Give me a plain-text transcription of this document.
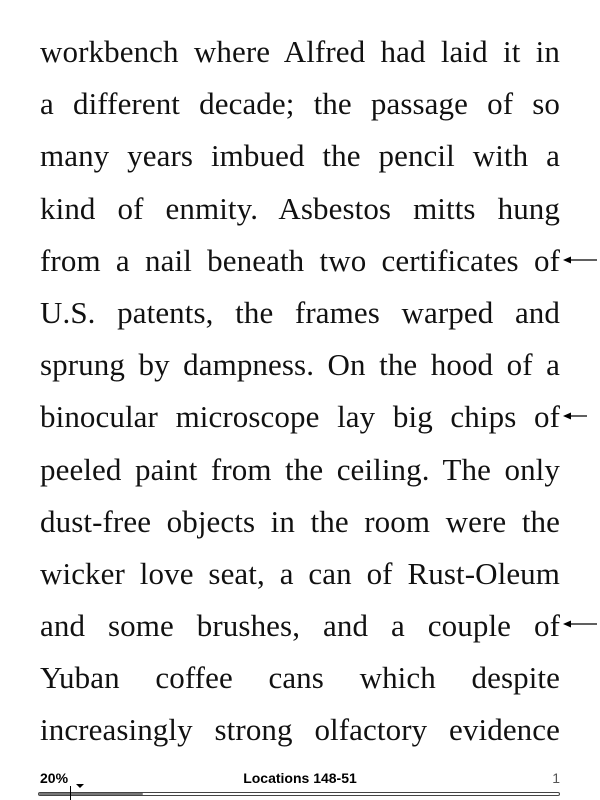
workbench where Alfred had laid it in
a different decade; the passage of so
many years imbued the pencil with a
kind of enmity. Asbestos mitts hung
from a nail beneath two certificates of
U.S. patents, the frames warped and
sprung by dampness. On the hood of a
binocular microscope lay big chips of
peeled paint from the ceiling. The only
dust-free objects in the room were the
wicker love seat, a can of Rust-Oleum
and some brushes, and a couple of
Yuban coffee cans which despite
increasingly strong olfactory evidence
20%	Locations 148-51	1
